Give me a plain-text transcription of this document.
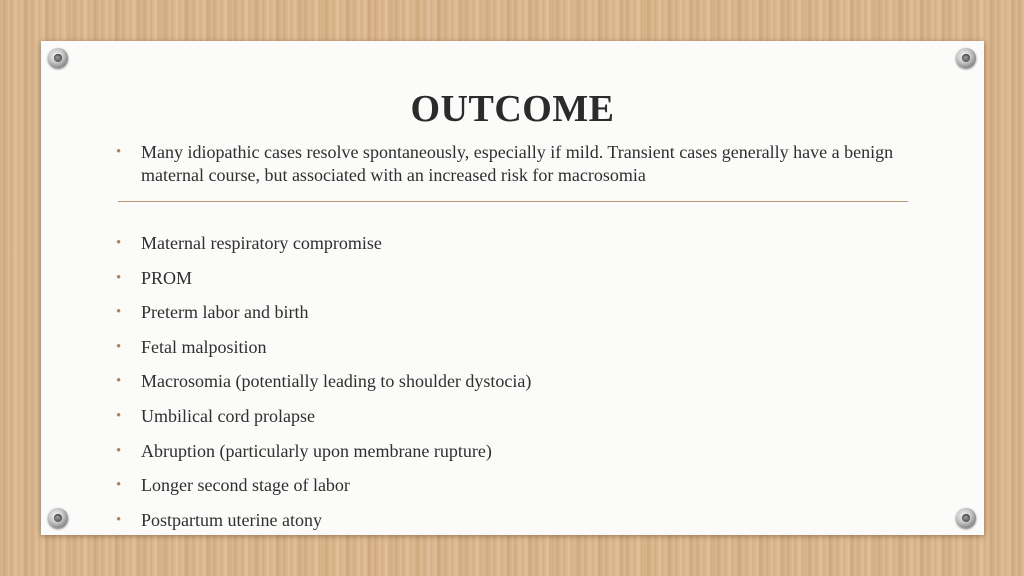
OUTCOME
• Many idiopathic cases resolve spontaneously, especially if mild. Transient cases generally have a benign maternal course, but associated with an increased risk for macrosomia
• Maternal respiratory compromise
• PROM
• Preterm labor and birth
• Fetal malposition
• Macrosomia (potentially leading to shoulder dystocia)
• Umbilical cord prolapse
• Abruption (particularly upon membrane rupture)
• Longer second stage of labor
• Postpartum uterine atony
